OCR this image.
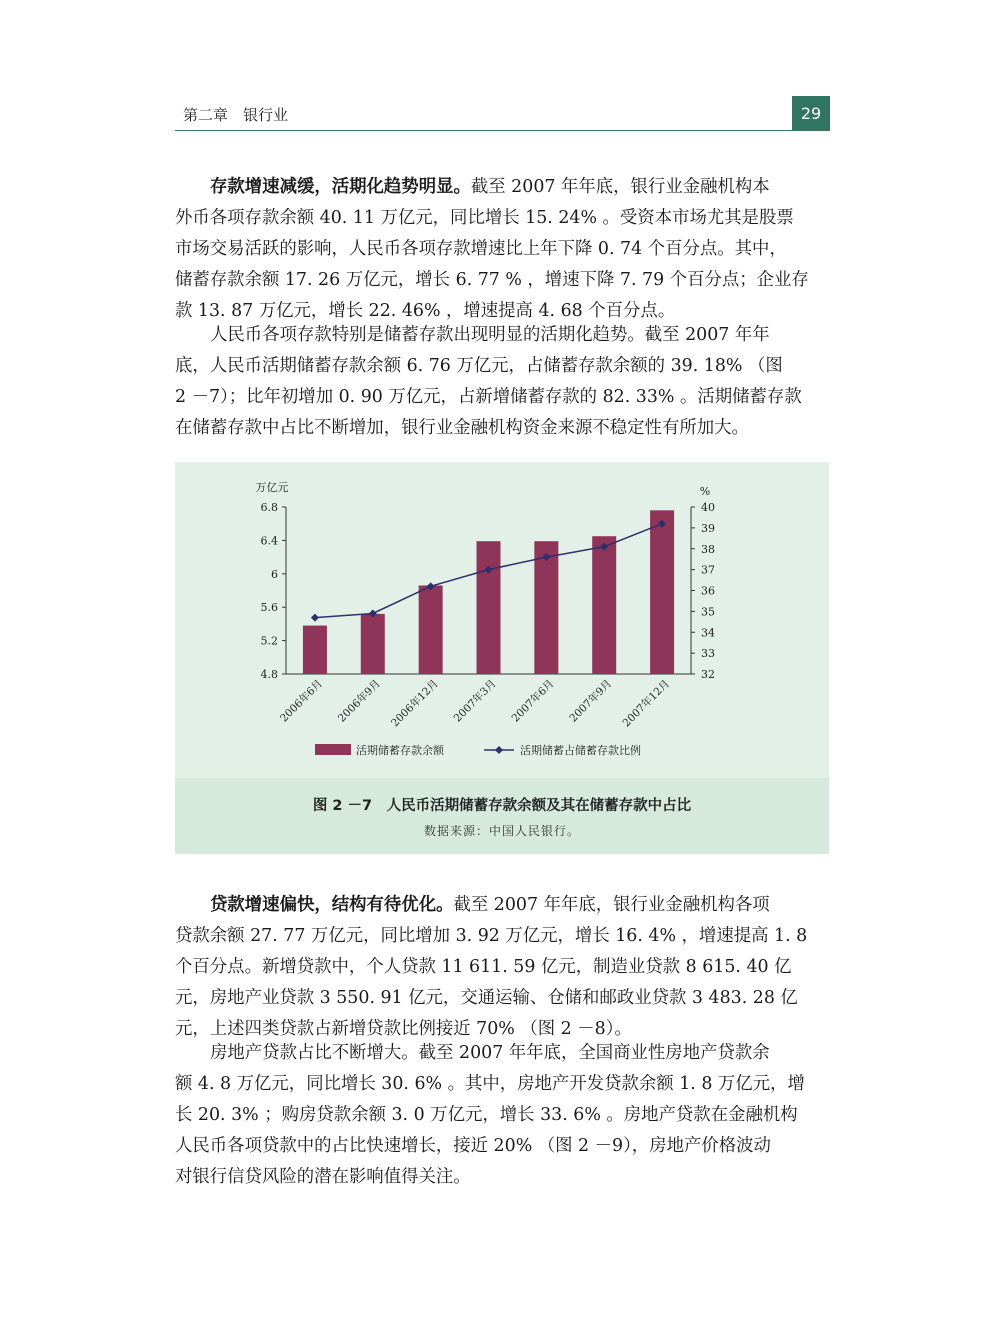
第二章　银行业	29

存款增速减缓，活期化趋势明显。截至 2007 年年底，银行业金融机构本
外币各项存款余额 40. 11 万亿元，同比增长 15. 24% 。受资本市场尤其是股票
市场交易活跃的影响，人民币各项存款增速比上年下降 0. 74 个百分点。其中，
储蓄存款余额 17. 26 万亿元，增长 6. 77 % ，增速下降 7. 79 个百分点；企业存
款 13. 87 万亿元，增长 22. 46% ，增速提高 4. 68 个百分点。

人民币各项存款特别是储蓄存款出现明显的活期化趋势。截至 2007 年年
底，人民币活期储蓄存款余额 6. 76 万亿元，占储蓄存款余额的 39. 18% （图
2 －7）；比年初增加 0. 90 万亿元，占新增储蓄存款的 82. 33% 。活期储蓄存款
在储蓄存款中占比不断增加，银行业金融机构资金来源不稳定性有所加大。

6.8
6.4
6
5.6
5.2
4.8
万亿元
40
39
38
37
36
35
34
33
32
%
2006年6月 2006年9月 2006年12月 2007年3月 2007年6月 2007年9月 2007年12月
活期储蓄存款余额	活期储蓄占储蓄存款比例
图 2 －7　人民币活期储蓄存款余额及其在储蓄存款中占比
数据来源：中国人民银行。

贷款增速偏快，结构有待优化。截至 2007 年年底，银行业金融机构各项
贷款余额 27. 77 万亿元，同比增加 3. 92 万亿元，增长 16. 4% ，增速提高 1. 8
个百分点。新增贷款中，个人贷款 11 611. 59 亿元，制造业贷款 8 615. 40 亿
元，房地产业贷款 3 550. 91 亿元，交通运输、仓储和邮政业贷款 3 483. 28 亿
元，上述四类贷款占新增贷款比例接近 70% （图 2 －8）。

房地产贷款占比不断增大。截至 2007 年年底，全国商业性房地产贷款余
额 4. 8 万亿元，同比增长 30. 6% 。其中，房地产开发贷款余额 1. 8 万亿元，增
长 20. 3% ；购房贷款余额 3. 0 万亿元，增长 33. 6% 。房地产贷款在金融机构
人民币各项贷款中的占比快速增长，接近 20% （图 2 －9），房地产价格波动
对银行信贷风险的潜在影响值得关注。
